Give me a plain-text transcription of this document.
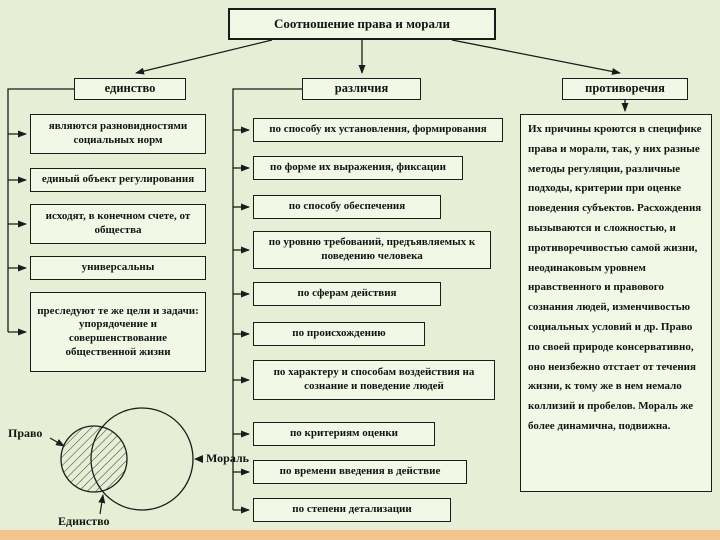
Соотношение права и морали
единство	различия	противоречия
являются разновидностями социальных норм
единый объект регулирования
исходят, в конечном счете, от общества
универсальны
преследуют те же цели и задачи: упорядочение и совершенствование общественной жизни
по способу их установления, формирования
по форме их выражения, фиксации
по способу обеспечения
по уровню требований, предъявляемых к поведению человека
по сферам действия
по происхождению
по характеру и способам воздействия на сознание и поведение людей
по критериям оценки
по времени введения в действие
по степени детализации
Их причины кроются в специфике права и морали, так, у них разные методы регуляции, различные подходы, критерии при оценке поведения субъектов. Расхождения вызываются и сложностью, и противоречивостью самой жизни, неодинаковым уровнем нравственного и правового сознания людей, изменчивостью социальных условий и др. Право по своей природе консервативно, оно неизбежно отстает от течения жизни, к тому же в нем немало коллизий и пробелов. Мораль же более динамична, подвижна.
Право
Мораль
Единство
